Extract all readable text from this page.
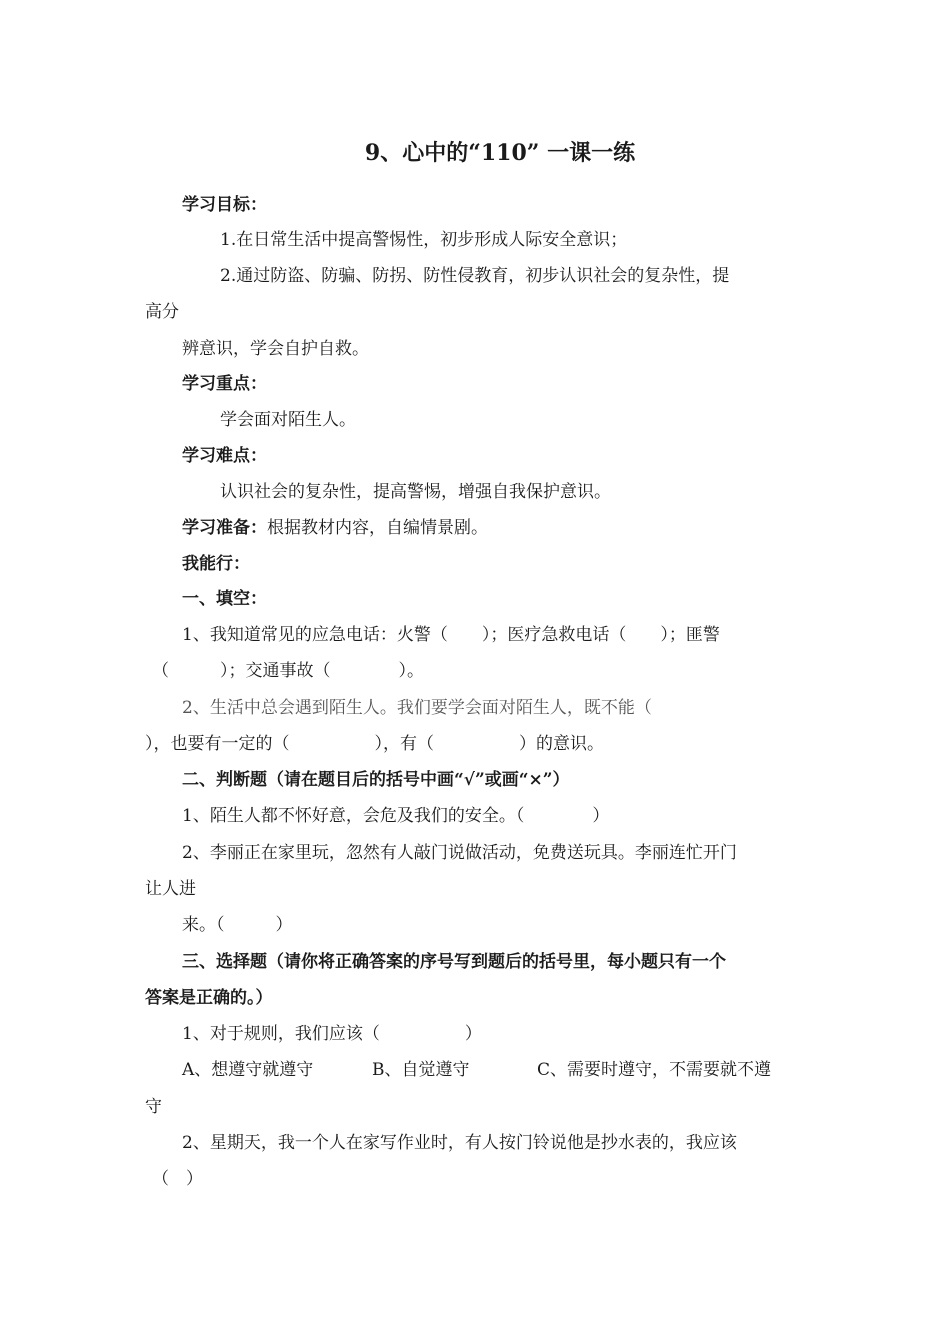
9、心中的“110” 一课一练
学习目标：
1.在日常生活中提高警惕性，初步形成人际安全意识；
2.通过防盗、防骗、防拐、防性侵教育，初步认识社会的复杂性，提
高分
辨意识，学会自护自救。
学习重点：
学会面对陌生人。
学习难点：
认识社会的复杂性，提高警惕，增强自我保护意识。
学习准备：根据教材内容，自编情景剧。
我能行：
一、填空：
1、我知道常见的应急电话：火警（　　）；医疗急救电话（　　）；匪警
（　　　）；交通事故（　　　　）。
2、生活中总会遇到陌生人。我们要学会面对陌生人，既不能（
），也要有一定的（　　　　　），有（　　　　　）的意识。
二、判断题（请在题目后的括号中画“√”或画“×”）
1、陌生人都不怀好意，会危及我们的安全。（　　　　）
2、李丽正在家里玩，忽然有人敲门说做活动，免费送玩具。李丽连忙开门
让人进
来。（　　　）
三、选择题（请你将正确答案的序号写到题后的括号里，每小题只有一个
答案是正确的。）
1、对于规则，我们应该（　　　　　）
A、想遵守就遵守	B、自觉遵守	C、需要时遵守，不需要就不遵
守
2、星期天，我一个人在家写作业时，有人按门铃说他是抄水表的，我应该
（　）
